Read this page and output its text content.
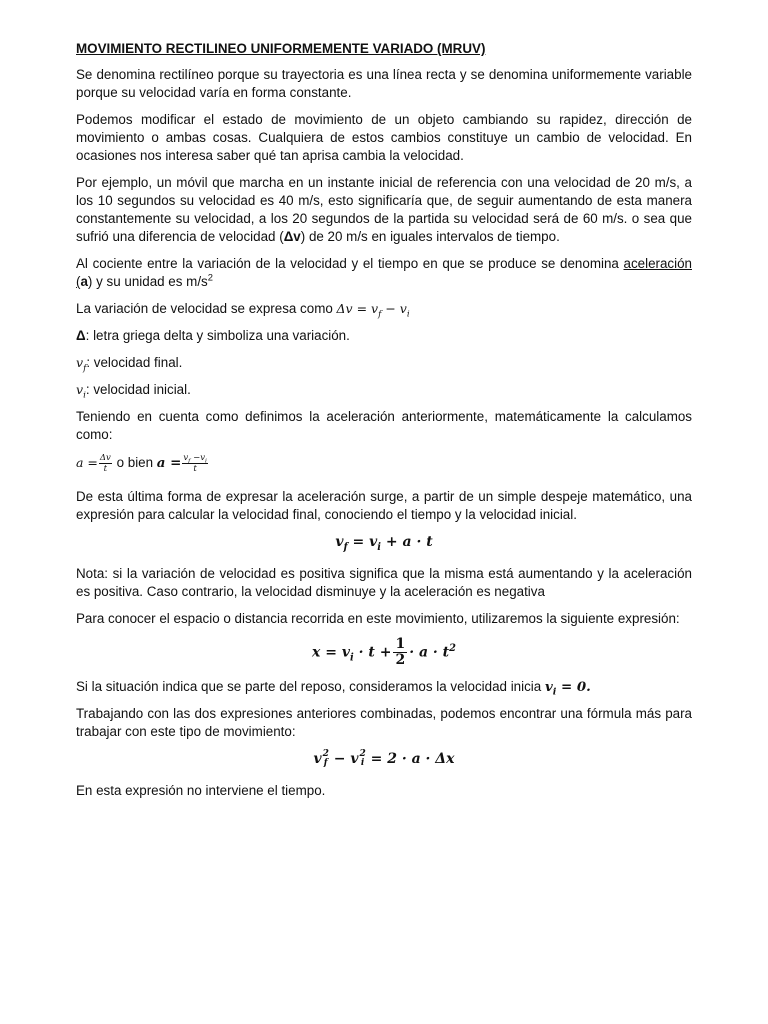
MOVIMIENTO RECTILINEO UNIFORMEMENTE VARIADO (MRUV)

Se denomina rectilíneo porque su trayectoria es una línea recta y se denomina uniformemente variable porque su velocidad varía en forma constante.

Podemos modificar el estado de movimiento de un objeto cambiando su rapidez, dirección de movimiento o ambas cosas. Cualquiera de estos cambios constituye un cambio de velocidad. En ocasiones nos interesa saber qué tan aprisa cambia la velocidad.

Por ejemplo, un móvil que marcha en un instante inicial de referencia con una velocidad de 20 m/s, a los 10 segundos su velocidad es 40 m/s, esto significaría que, de seguir aumentando de esta manera constantemente su velocidad, a los 20 segundos de la partida su velocidad será de 60 m/s. o sea que sufrió una diferencia de velocidad (Δv) de 20 m/s en iguales intervalos de tiempo.

Al cociente entre la variación de la velocidad y el tiempo en que se produce se denomina aceleración (a) y su unidad es $m/s^2$

La variación de velocidad se expresa como $\Delta v = v_f - v_i$

Δ: letra griega delta y simboliza una variación.

$v_f$: velocidad final.

$v_i$: velocidad inicial.

Teniendo en cuenta como definimos la aceleración anteriormente, matemáticamente la calculamos como:

$a = \frac{\Delta v}{t}$ o bien $a = \frac{v_f -v_i}{t}$

De esta última forma de expresar la aceleración surge, a partir de un simple despeje matemático, una expresión para calcular la velocidad final, conociendo el tiempo y la velocidad inicial.

$v_f = v_i + a \cdot t$

Nota: si la variación de velocidad es positiva significa que la misma está aumentando y la aceleración es positiva. Caso contrario, la velocidad disminuye y la aceleración es negativa

Para conocer el espacio o distancia recorrida en este movimiento, utilizaremos la siguiente expresión:

$x = v_i \cdot t + \frac{1}{2} \cdot a \cdot t^2$

Si la situación indica que se parte del reposo, consideramos la velocidad inicia $v_i = 0$.

Trabajando con las dos expresiones anteriores combinadas, podemos encontrar una fórmula más para trabajar con este tipo de movimiento:

v 2
f − v 2
i = 2 · a · Δx

En esta expresión no interviene el tiempo.
